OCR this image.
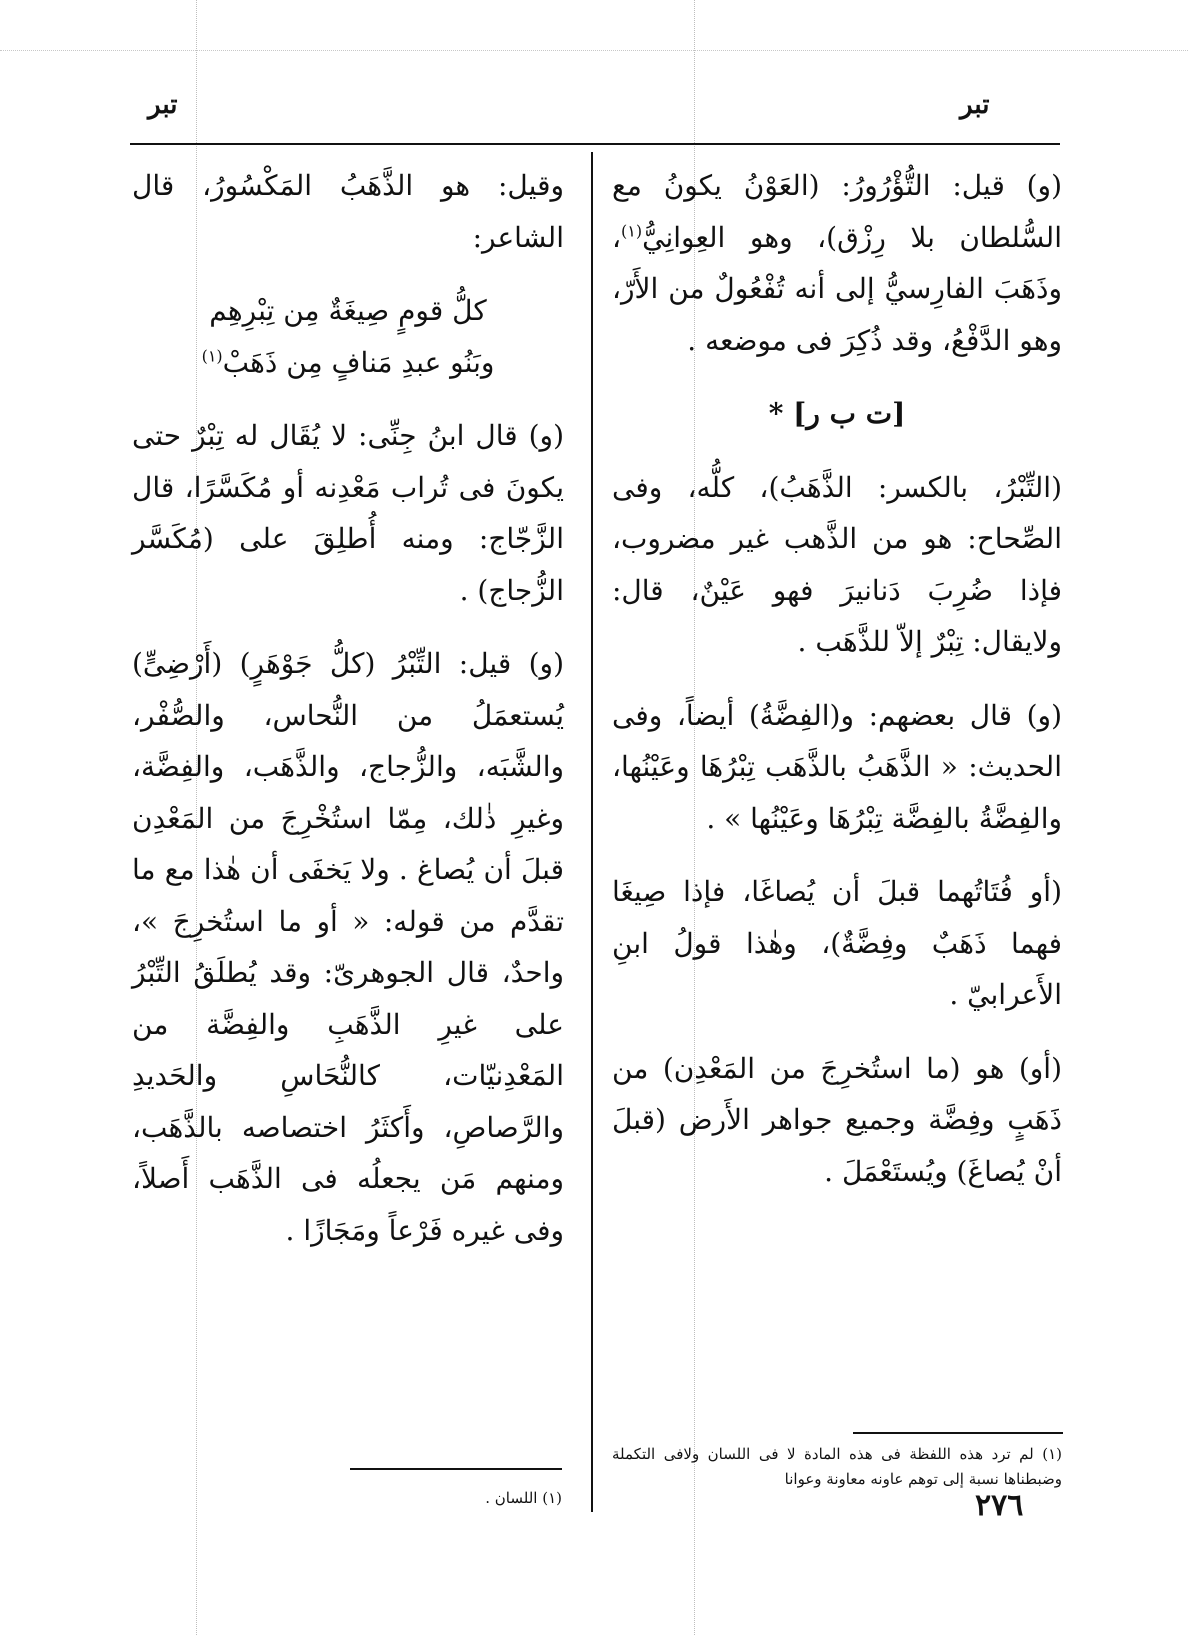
تبر
تبر

(و) قيل: التُّؤْرُورُ: (العَوْنُ يكونُ مع السُّلطان بلا رِزْق)، وهو العِوانِيُّ$^{(١)}$، وذَهَبَ الفارِسيُّ إلى أنه تُفْعُولٌ من الأَرّ، وهو الدَّفْعُ، وقد ذُكِرَ فى موضعه .

[ت ب ر] *

(التِّبْرُ، بالكسر: الذَّهَبُ)، كلُّه، وفى الصِّحاح: هو من الذَّهب غير مضروب، فإذا ضُرِبَ دَنانيرَ فهو عَيْنٌ، قال: ولايقال: تِبْرٌ إلاّ للذَّهَب .

(و) قال بعضهم: و(الفِضَّةُ) أيضاً، وفى الحديث: « الذَّهَبُ بالذَّهَب تِبْرُهَا وعَيْنُها، والفِضَّةُ بالفِضَّة تِبْرُهَا وعَيْنُها » .

(أو فُتَاتُهما قبلَ أن يُصاغَا، فإذا صِيغَا فهما ذَهَبٌ وفِضَّةٌ)، وهٰذا قولُ ابنِ الأَعرابيّ .

(أو) هو (ما استُخرِجَ من المَعْدِن) من ذَهَبٍ وفِضَّة وجميع جواهر الأَرض (قبلَ أنْ يُصاغَ) ويُستَعْمَلَ .

وقيل: هو الذَّهَبُ المَكْسُورُ، قال الشاعر:

كلُّ قومٍ صِيغَةٌ مِن تِبْرِهِم
وبَنُو عبدِ مَنافٍ مِن ذَهَبْ$^{(١)}$

(و) قال ابنُ جِنِّى: لا يُقَال له تِبْرٌ حتى يكونَ فى تُراب مَعْدِنه أو مُكَسَّرًا، قال الزَّجّاج: ومنه أُطلِقَ على (مُكَسَّر الزُّجاج) .

(و) قيل: التِّبْرُ (كلُّ جَوْهَرٍ) (أَرْضِىٍّ) يُستعمَلُ من النُّحاس، والصُّفْر، والشَّبَه، والزُّجاج، والذَّهَب، والفِضَّة، وغيرِ ذٰلك، مِمّا استُخْرِجَ من المَعْدِن قبلَ أن يُصاغ . ولا يَخفَى أن هٰذا مع ما تقدَّم من قوله: « أو ما استُخرِجَ »، واحدٌ، قال الجوهرىّ: وقد يُطلَقُ التِّبْرُ على غيرِ الذَّهَبِ والفِضَّة من المَعْدِنيّات، كالنُّحَاسِ والحَديدِ والرَّصاصِ، وأَكثَرُ اختصاصه بالذَّهَب، ومنهم مَن يجعلُه فى الذَّهَب أَصلاً، وفى غيره فَرْعاً ومَجَازًا .

(١) لم ترد هذه اللفظة فى هذه المادة لا فى اللسان ولافى التكملة وضبطناها نسبة إلى توهم عاونه معاونة وعوانا
(١) اللسان .	٢٧٦
